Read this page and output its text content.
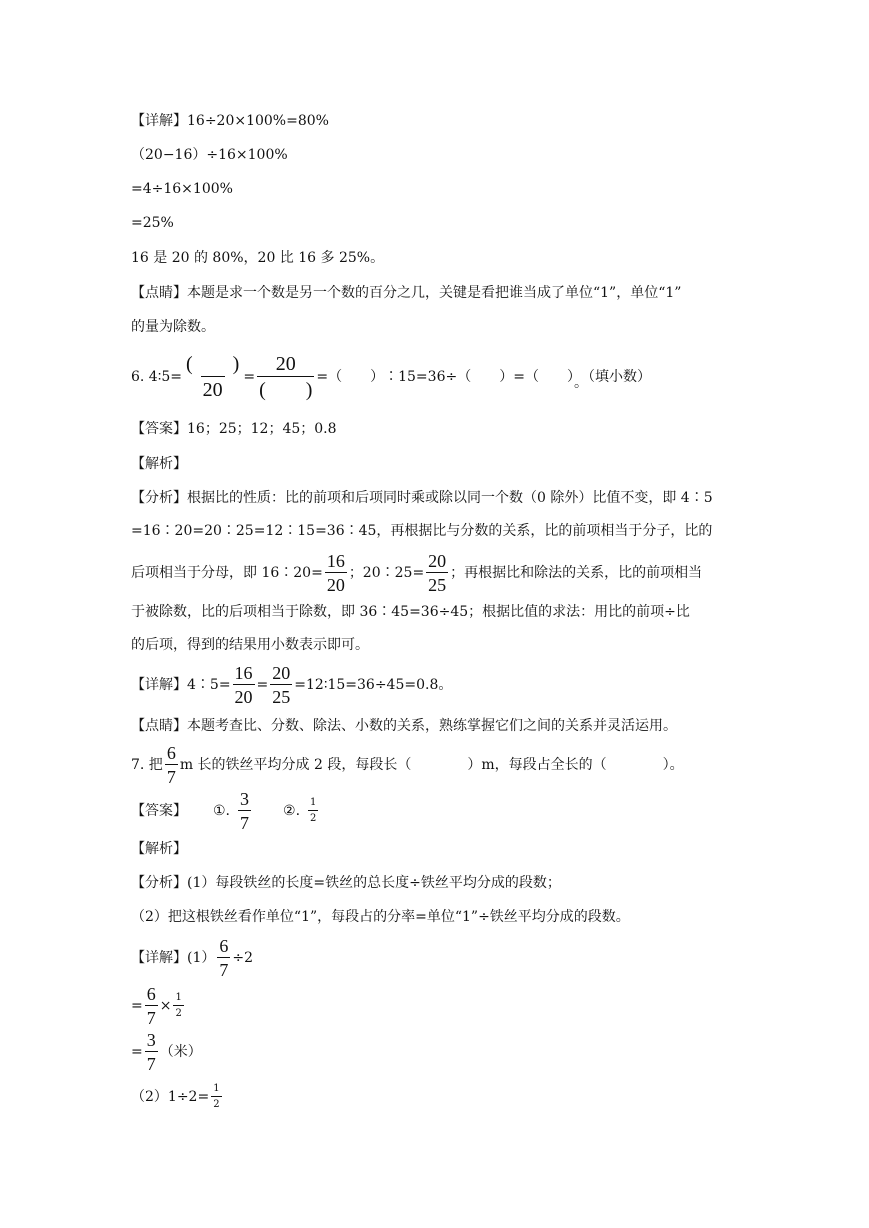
【详解】16÷20×100%=80%
（20−16）÷16×100%
=4÷16×100%
=25%
16 是 20 的 80%，20 比 16 多 25%。
【点睛】本题是求一个数是另一个数的百分之几，关键是看把谁当成了单位“1”，单位“1”
的量为除数。
6. 4∶5= $\frac{( )}{20} = \frac{20}{( )}$ =（　　）∶15=36÷（　　）=（　　）。（填小数）
【答案】16；25；12；45；0.8
【解析】
【分析】根据比的性质：比的前项和后项同时乘或除以同一个数（0 除外）比值不变，即 4∶5
=16∶20=20∶25=12∶15=36∶45，再根据比与分数的关系，比的前项相当于分子，比的
后项相当于分母，即 16∶20= $\frac{16}{20}$ ；20∶25= $\frac{20}{25}$ ；再根据比和除法的关系，比的前项相当
于被除数，比的后项相当于除数，即 36∶45=36÷45；根据比值的求法：用比的前项÷比
的后项，得到的结果用小数表示即可。
【详解】4∶5= $\frac{16}{20} = \frac{20}{25}$ =12∶15=36÷45=0.8。
【点睛】本题考查比、分数、除法、小数的关系，熟练掌握它们之间的关系并灵活运用。
7. 把 $\frac{6}{7}$ m 长的铁丝平均分成 2 段，每段长（　　　　）m，每段占全长的（　　　　）。
【答案】 ①. $\frac{3}{7}$ ②. $\frac{1}{2}$
【解析】
【分析】(1）每段铁丝的长度=铁丝的总长度÷铁丝平均分成的段数；
（2）把这根铁丝看作单位“1”，每段占的分率=单位“1”÷铁丝平均分成的段数。
【详解】$(1) \frac{6}{7} \div 2$
= $\frac{6}{7} \times \frac{1}{2}$
= $\frac{3}{7}$ （米）
$(2)1\div 2= \frac{1}{2}$
